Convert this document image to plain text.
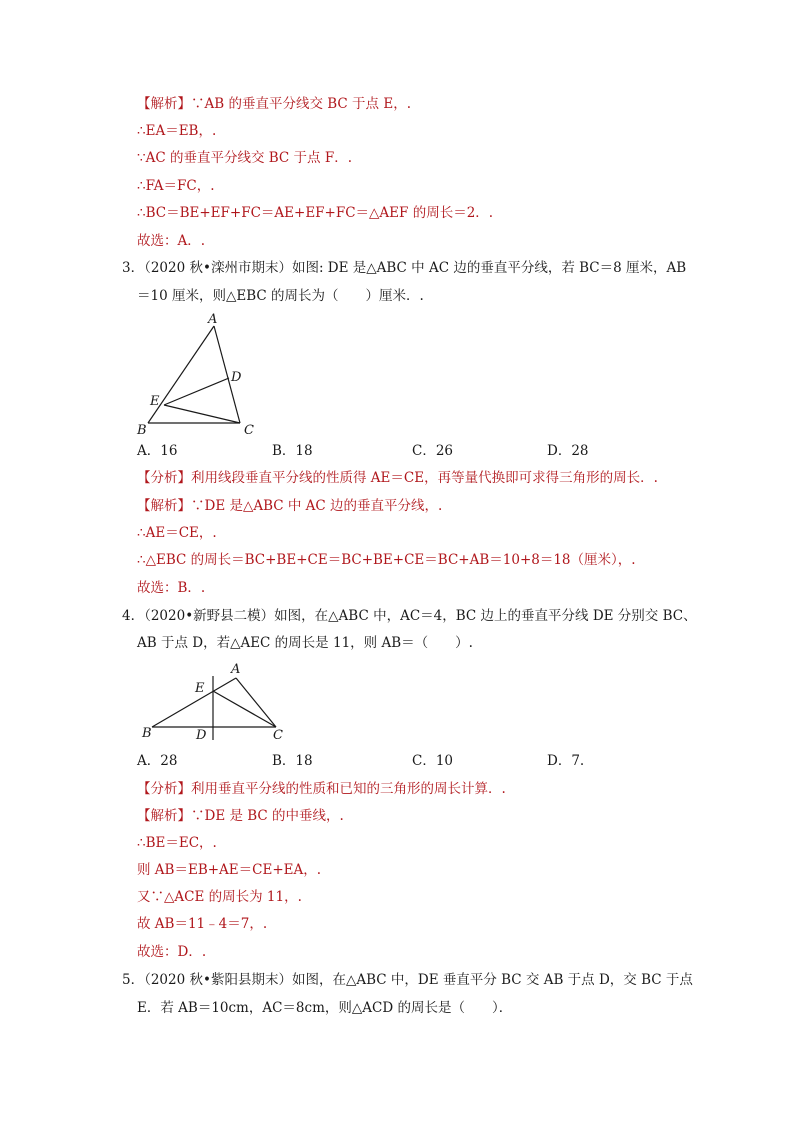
【解析】∵AB 的垂直平分线交 BC 于点 E，.
∴EA＝EB，.
∵AC 的垂直平分线交 BC 于点 F．.
∴FA＝FC，.
∴BC＝BE+EF+FC＝AE+EF+FC＝△AEF 的周长＝2．.
故选：A．.
3．（2020 秋•滦州市期末）如图: DE 是△ABC 中 AC 边的垂直平分线，若 BC＝8 厘米，AB
＝10 厘米，则△EBC 的周长为（　　）厘米．.
A
D
E
B	C
A．16	B．18	C．26	D．28
【分析】利用线段垂直平分线的性质得 AE＝CE，再等量代换即可求得三角形的周长．.
【解析】∵DE 是△ABC 中 AC 边的垂直平分线，.
∴AE＝CE，.
∴△EBC 的周长＝BC+BE+CE＝BC+BE+CE＝BC+AB＝10+8＝18（厘米），.
故选：B．.
4．（2020•新野县二模）如图，在△ABC 中，AC＝4，BC 边上的垂直平分线 DE 分别交 BC、
AB 于点 D，若△AEC 的周长是 11，则 AB＝（　　）.
A
E
B	D	C
A．28	B．18	C．10	D．7.
【分析】利用垂直平分线的性质和已知的三角形的周长计算．.
【解析】∵DE 是 BC 的中垂线，.
∴BE＝EC，.
则 AB＝EB+AE＝CE+EA，.
又∵△ACE 的周长为 11，.
故 AB＝11﹣4＝7，.
故选：D．.
5．（2020 秋•紫阳县期末）如图，在△ABC 中，DE 垂直平分 BC 交 AB 于点 D，交 BC 于点
E．若 AB＝10cm，AC＝8cm，则△ACD 的周长是（　　）．
